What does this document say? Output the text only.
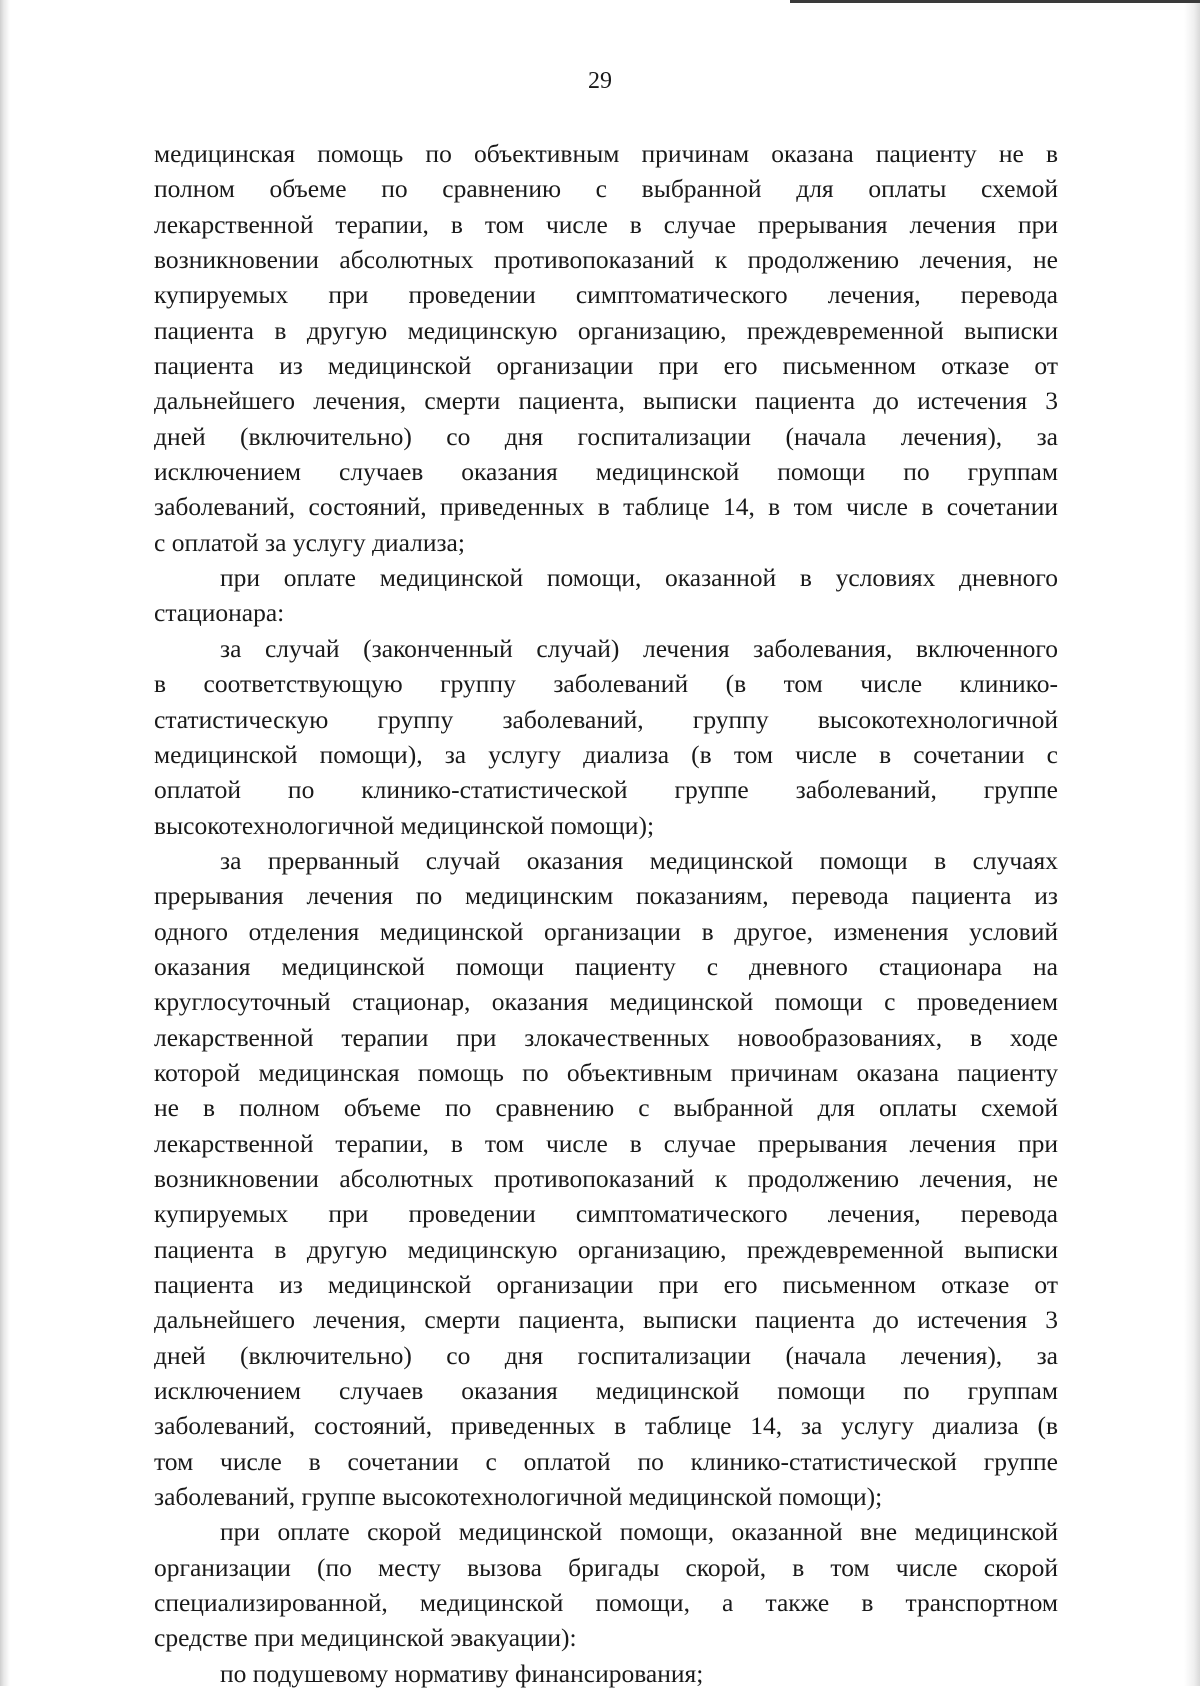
29
медицинская помощь по объективным причинам оказана пациенту не в
полном объеме по сравнению с выбранной для оплаты схемой
лекарственной терапии, в том числе в случае прерывания лечения при
возникновении абсолютных противопоказаний к продолжению лечения, не
купируемых при проведении симптоматического лечения, перевода
пациента в другую медицинскую организацию, преждевременной выписки
пациента из медицинской организации при его письменном отказе от
дальнейшего лечения, смерти пациента, выписки пациента до истечения 3
дней (включительно) со дня госпитализации (начала лечения), за
исключением случаев оказания медицинской помощи по группам
заболеваний, состояний, приведенных в таблице 14, в том числе в сочетании
с оплатой за услугу диализа;
при оплате медицинской помощи, оказанной в условиях дневного
стационара:
за случай (законченный случай) лечения заболевания, включенного
в соответствующую группу заболеваний (в том числе клинико-
статистическую группу заболеваний, группу высокотехнологичной
медицинской помощи), за услугу диализа (в том числе в сочетании с
оплатой по клинико-статистической группе заболеваний, группе
высокотехнологичной медицинской помощи);
за прерванный случай оказания медицинской помощи в случаях
прерывания лечения по медицинским показаниям, перевода пациента из
одного отделения медицинской организации в другое, изменения условий
оказания медицинской помощи пациенту с дневного стационара на
круглосуточный стационар, оказания медицинской помощи с проведением
лекарственной терапии при злокачественных новообразованиях, в ходе
которой медицинская помощь по объективным причинам оказана пациенту
не в полном объеме по сравнению с выбранной для оплаты схемой
лекарственной терапии, в том числе в случае прерывания лечения при
возникновении абсолютных противопоказаний к продолжению лечения, не
купируемых при проведении симптоматического лечения, перевода
пациента в другую медицинскую организацию, преждевременной выписки
пациента из медицинской организации при его письменном отказе от
дальнейшего лечения, смерти пациента, выписки пациента до истечения 3
дней (включительно) со дня госпитализации (начала лечения), за
исключением случаев оказания медицинской помощи по группам
заболеваний, состояний, приведенных в таблице 14, за услугу диализа (в
том числе в сочетании с оплатой по клинико-статистической группе
заболеваний, группе высокотехнологичной медицинской помощи);
при оплате скорой медицинской помощи, оказанной вне медицинской
организации (по месту вызова бригады скорой, в том числе скорой
специализированной, медицинской помощи, а также в транспортном
средстве при медицинской эвакуации):
по подушевому нормативу финансирования;
